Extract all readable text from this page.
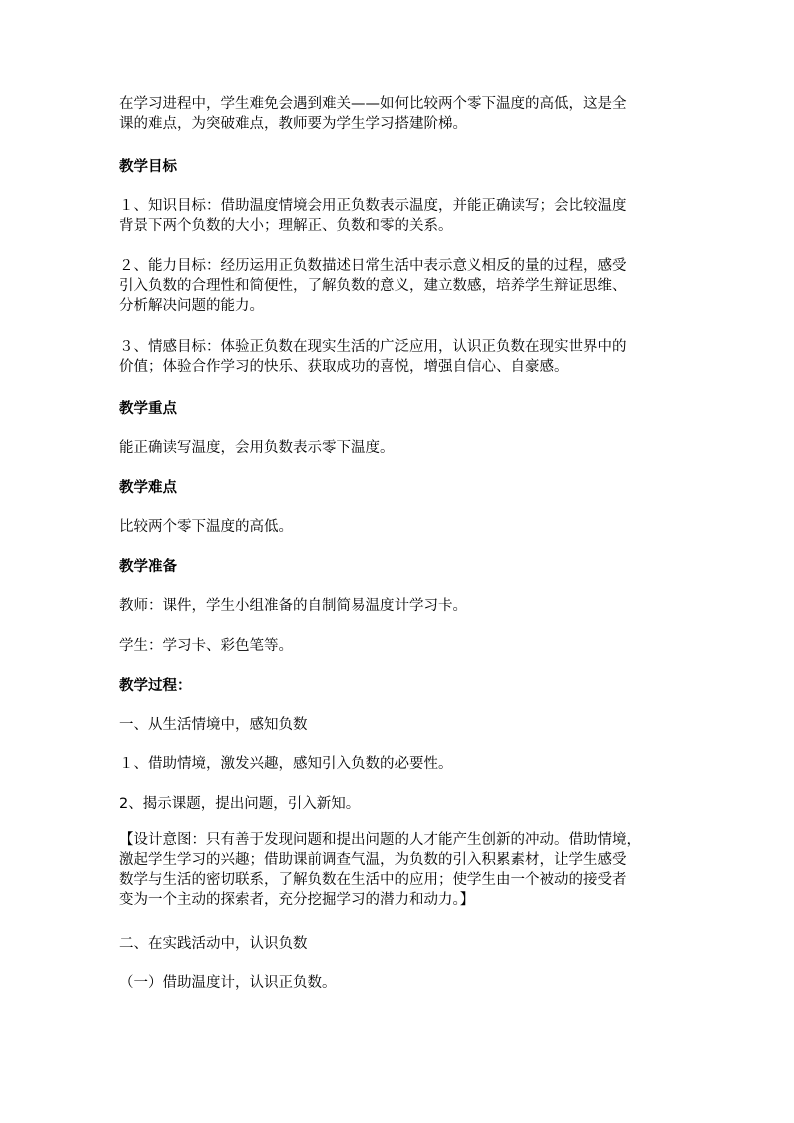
在学习进程中，学生难免会遇到难关——如何比较两个零下温度的高低，这是全
课的难点，为突破难点，教师要为学生学习搭建阶梯。
教学目标
１、知识目标：借助温度情境会用正负数表示温度，并能正确读写；会比较温度
背景下两个负数的大小；理解正、负数和零的关系。
２、能力目标：经历运用正负数描述日常生活中表示意义相反的量的过程，感受
引入负数的合理性和简便性，了解负数的意义，建立数感，培养学生辩证思维、
分析解决问题的能力。
３、情感目标：体验正负数在现实生活的广泛应用，认识正负数在现实世界中的
价值；体验合作学习的快乐、获取成功的喜悦，增强自信心、自豪感。
教学重点
能正确读写温度，会用负数表示零下温度。
教学难点
比较两个零下温度的高低。
教学准备
教师：课件，学生小组准备的自制简易温度计学习卡。
学生：学习卡、彩色笔等。
教学过程：
一、从生活情境中，感知负数
１、借助情境，激发兴趣，感知引入负数的必要性。
2、揭示课题，提出问题，引入新知。
【设计意图：只有善于发现问题和提出问题的人才能产生创新的冲动。借助情境，
激起学生学习的兴趣；借助课前调查气温，为负数的引入积累素材，让学生感受
数学与生活的密切联系，了解负数在生活中的应用；使学生由一个被动的接受者
变为一个主动的探索者，充分挖掘学习的潜力和动力。】
二、在实践活动中，认识负数
（一）借助温度计，认识正负数。
